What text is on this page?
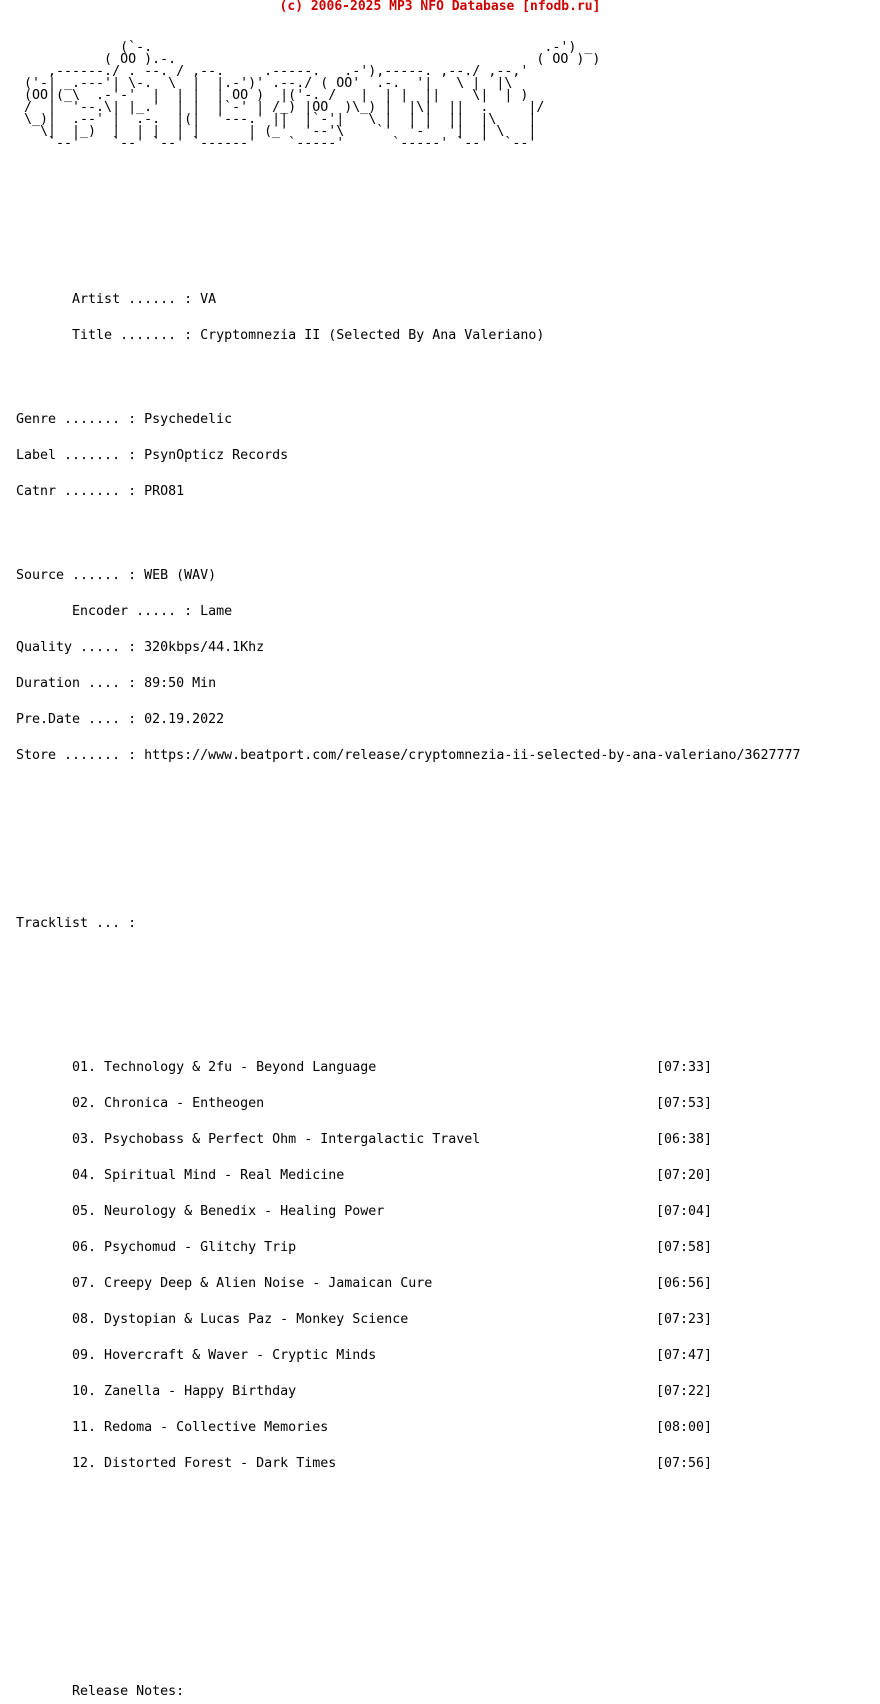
(c) 2006-2025 MP3 NFO Database [nfodb.ru]

(`-.                                                 .-') _
( OO ).-.                                             ( OO ) )
,------./ . --. / ,--.     .-----.   .-'),-----. ,--./ ,--,'
('-| _.---'| \-.  \  |  |.-')' .--./ ( OO'  .-.  '|   \ |  |\
(OO|(_\  .-'-'  |  | |  | OO )  |('-. /   |  | |  ||    \|  | )
/  |  '--.\| |_.'  | |  |`-' | /_) |OO  )\_) |  |\|  ||  .     |/
\_)|  .--' |  .-.  |(|  '---.' ||  |`-'|   \ |  | |  ||  |\    |
\|  |_)  |  | |  | |      | (_'  '--'\    `'  '-'  '|  | \   |
`--'    `--' `--' `------'    `-----'      `-----' `--'  `--'

Artist ...... : VA

Title ....... : Cryptomnezia II (Selected By Ana Valeriano)

Genre ....... : Psychedelic

Label ....... : PsynOpticz Records

Catnr ....... : PRO81

Source ...... : WEB (WAV)

Encoder ..... : Lame

Quality ..... : 320kbps/44.1Khz

Duration .... : 89:50 Min

Pre.Date .... : 02.19.2022

Store ....... : https://www.beatport.com/release/cryptomnezia-ii-selected-by-ana-valeriano/3627777

Tracklist ... :

01. Technology & 2fu - Beyond Language	[07:33]

02. Chronica - Entheogen	[07:53]

03. Psychobass & Perfect Ohm - Intergalactic Travel	[06:38]

04. Spiritual Mind - Real Medicine	[07:20]

05. Neurology & Benedix - Healing Power	[07:04]

06. Psychomud - Glitchy Trip	[07:58]

07. Creepy Deep & Alien Noise - Jamaican Cure	[06:56]

08. Dystopian & Lucas Paz - Monkey Science	[07:23]

09. Hovercraft & Waver - Cryptic Minds	[07:47]

10. Zanella - Happy Birthday	[07:22]

11. Redoma - Collective Memories	[08:00]

12. Distorted Forest - Dark Times	[07:56]

Release Notes:
